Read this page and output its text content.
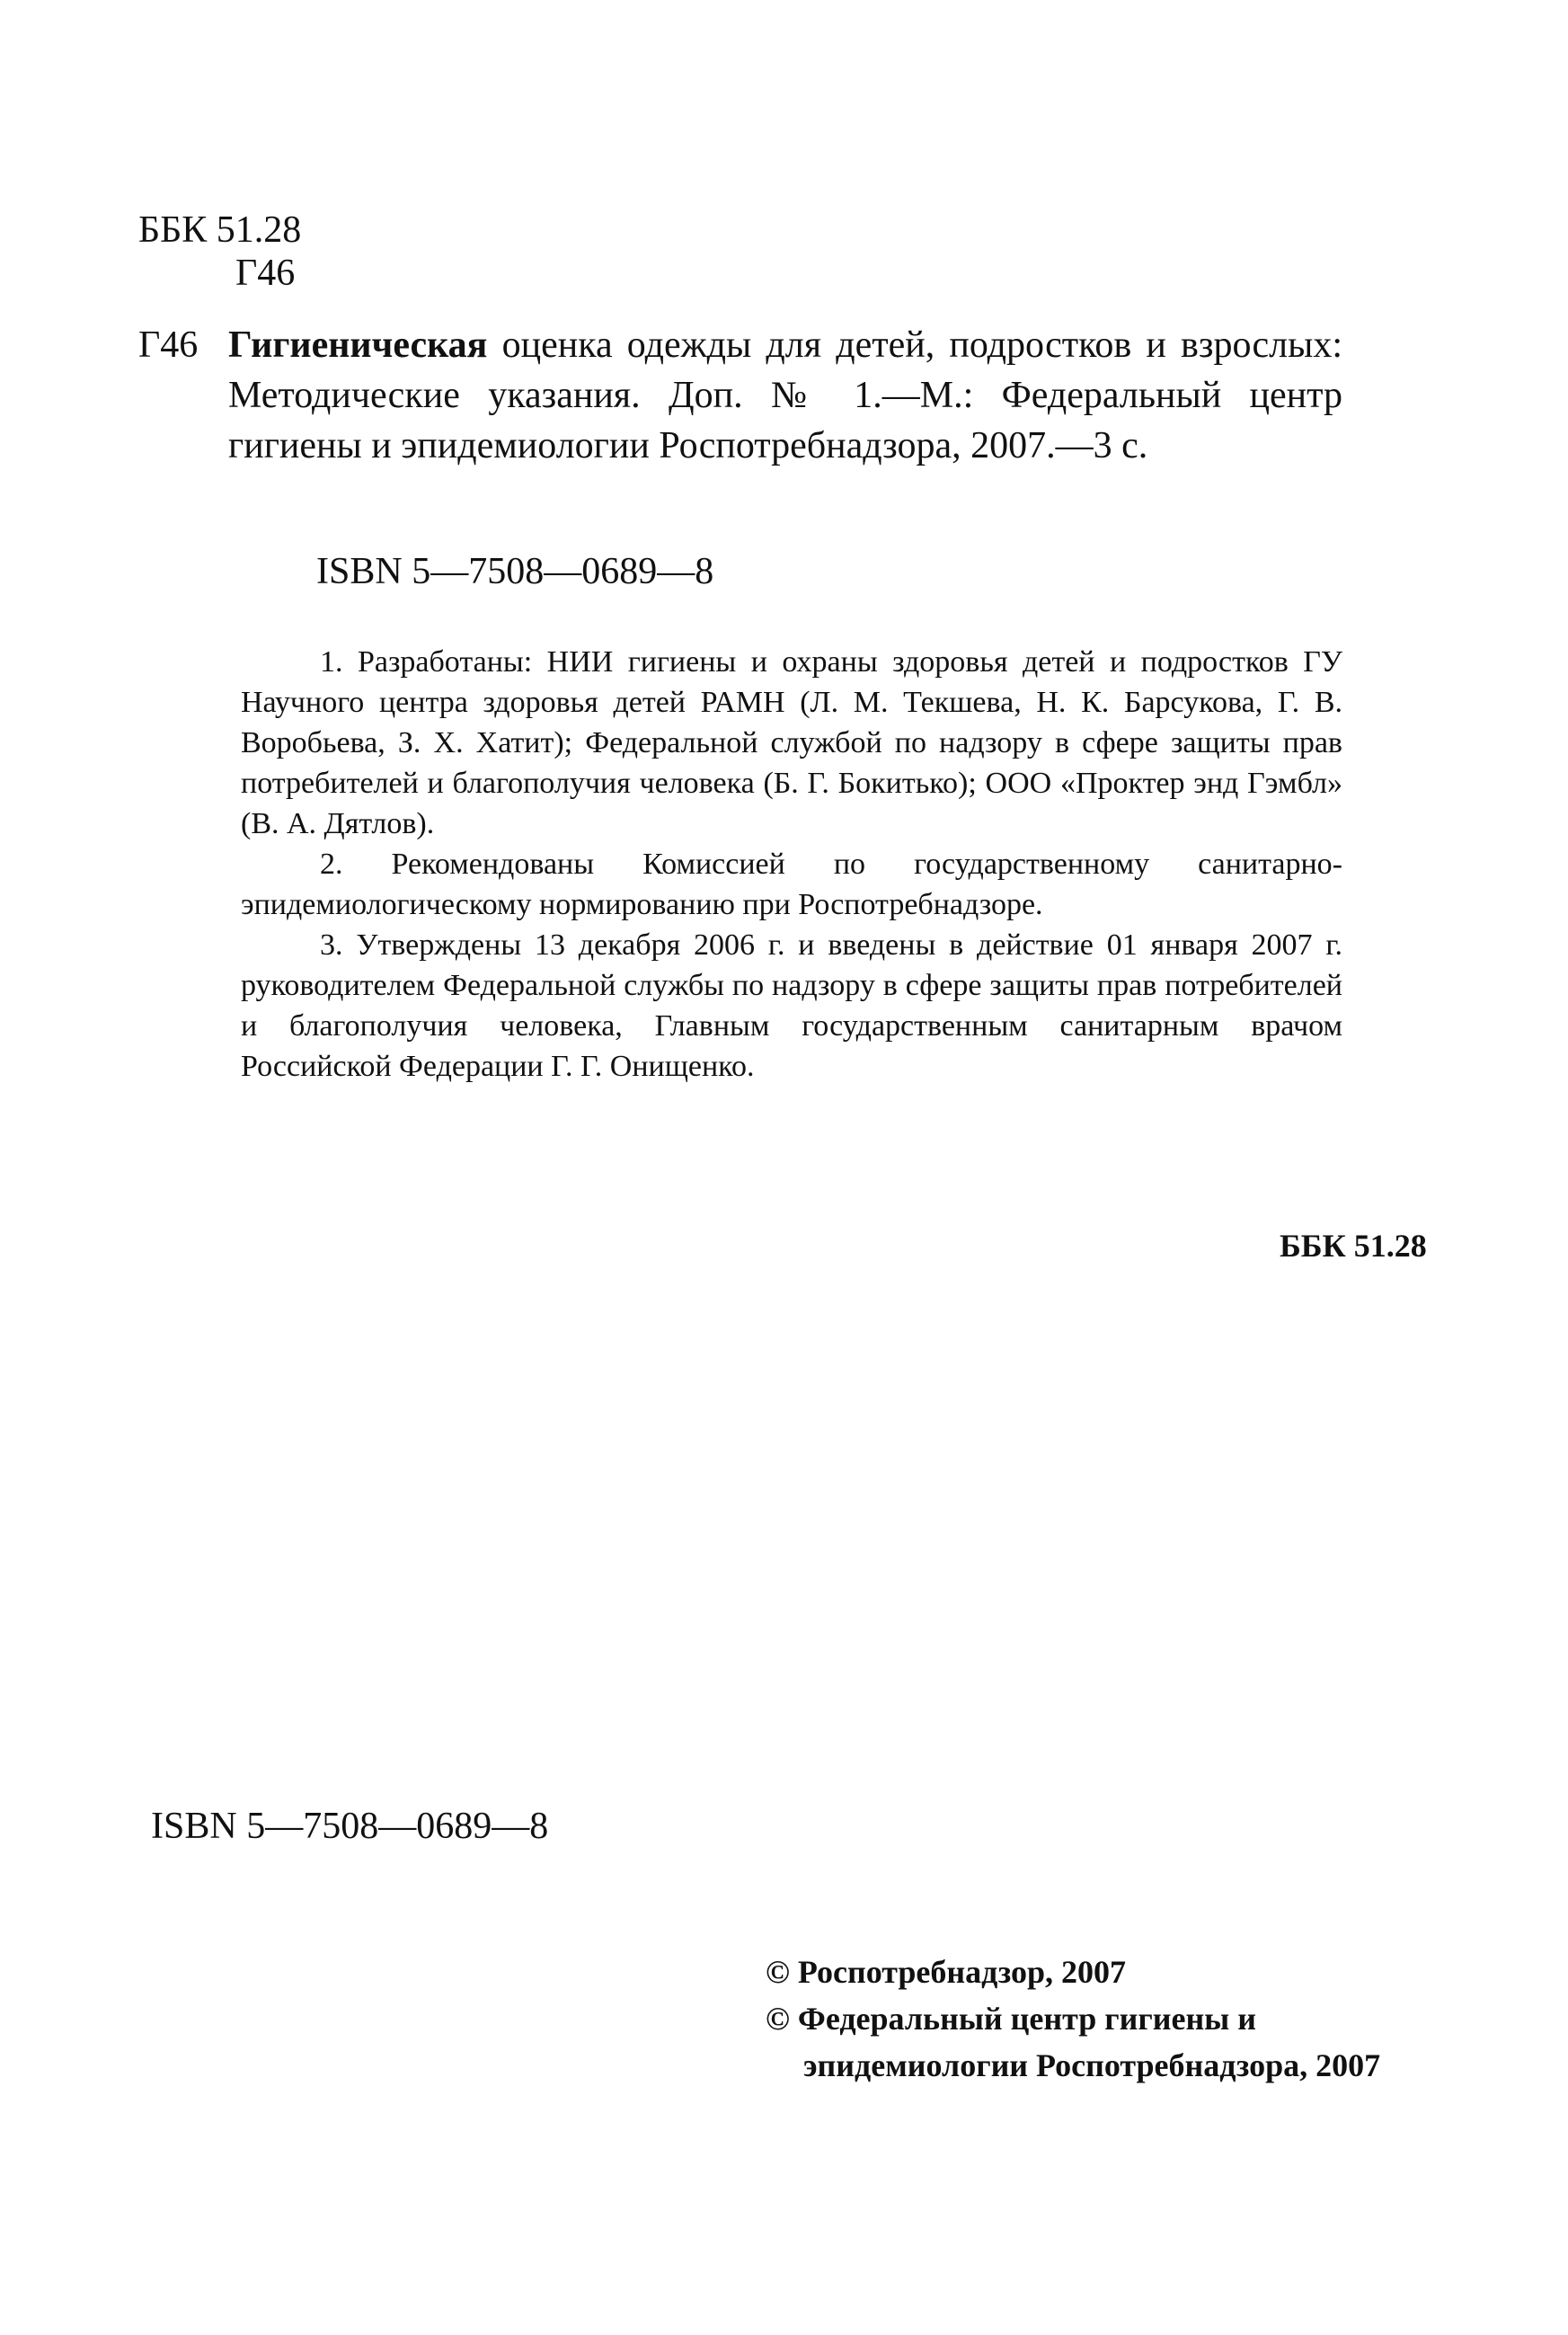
ББК 51.28
Г46
Г46 Гигиеническая оценка одежды для детей, подростков и взрослых: Методические указания. Доп. № 1.—М.: Федеральный центр гигиены и эпидемиологии Роспотребнадзора, 2007.—3 с.
ISBN 5—7508—0689—8

1. Разработаны: НИИ гигиены и охраны здоровья детей и подростков ГУ Научного центра здоровья детей РАМН (Л. М. Текшева, Н. К. Барсукова, Г. В. Воробьева, З. Х. Хатит); Федеральной службой по надзору в сфере защиты прав потребителей и благополучия человека (Б. Г. Бокитько); ООО «Проктер энд Гэмбл» (В. А. Дятлов).

2. Рекомендованы Комиссией по государственному санитарно-эпидемиологическому нормированию при Роспотребнадзоре.

3. Утверждены 13 декабря 2006 г. и введены в действие 01 января 2007 г. руководителем Федеральной службы по надзору в сфере защиты прав потребителей и благополучия человека, Главным государственным санитарным врачом Российской Федерации Г. Г. Онищенко.

ББК 51.28
ISBN 5—7508—0689—8
© Роспотребнадзор, 2007
© Федеральный центр гигиены и
эпидемиологии Роспотребнадзора, 2007
